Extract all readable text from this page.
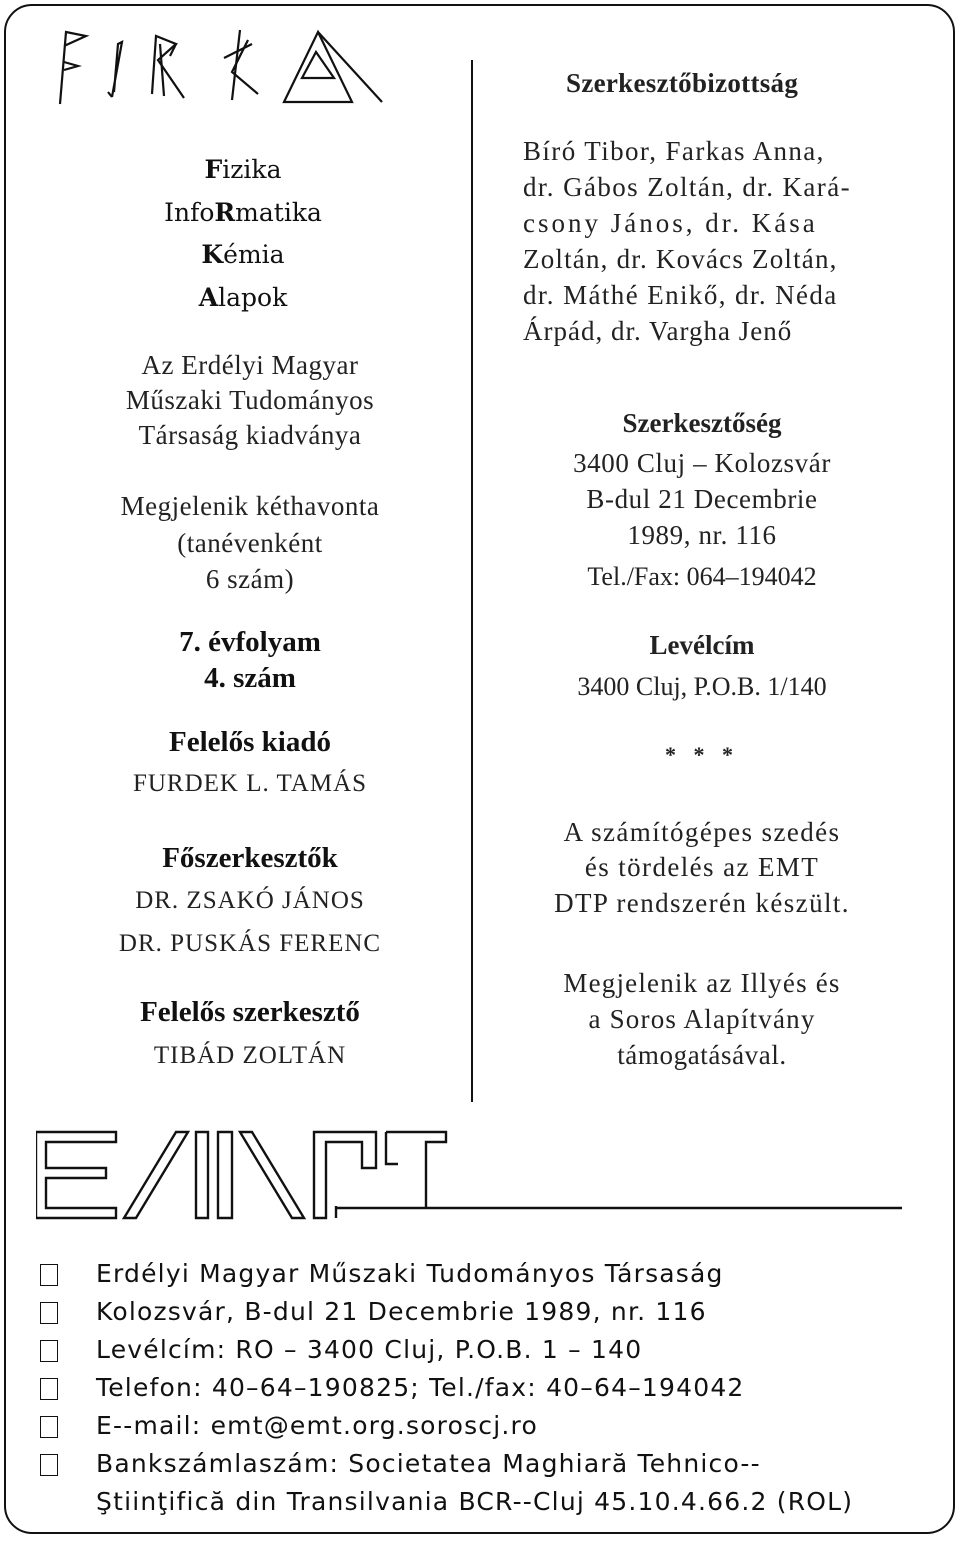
Fizika
InfoRmatika
Kémia
Alapok
Az Erdélyi Magyar
Műszaki Tudományos
Társaság kiadványa
Megjelenik kéthavonta
(tanévenként
6 szám)
7. évfolyam
4. szám
Felelős kiadó
FURDEK L. TAMÁS
Főszerkesztők
DR. ZSAKÓ JÁNOS
DR. PUSKÁS FERENC
Felelős szerkesztő
TIBÁD ZOLTÁN
Szerkesztőbizottság
Bíró Tibor, Farkas Anna,
dr. Gábos Zoltán, dr. Kará-
csony János, dr. Kása
Zoltán, dr. Kovács Zoltán,
dr. Máthé Enikő, dr. Néda
Árpád, dr. Vargha Jenő
Szerkesztőség
3400 Cluj – Kolozsvár
B-dul 21 Decembrie
1989, nr. 116
Tel./Fax: 064–194042
Levélcím
3400 Cluj, P.O.B. 1/140
* * *
A számítógépes szedés
és tördelés az EMT
DTP rendszerén készült.
Megjelenik az Illyés és
a Soros Alapítvány
támogatásával.
Erdélyi Magyar Műszaki Tudományos Társaság
Kolozsvár, B-dul 21 Decembrie 1989, nr. 116
Levélcím: RO – 3400 Cluj, P.O.B. 1 – 140
Telefon: 40–64–190825; Tel./fax: 40–64–194042
E--mail: emt@emt.org.soroscj.ro
Bankszámlaszám: Societatea Maghiară Tehnico--
Ştiinţifică din Transilvania BCR--Cluj 45.10.4.66.2 (ROL)
